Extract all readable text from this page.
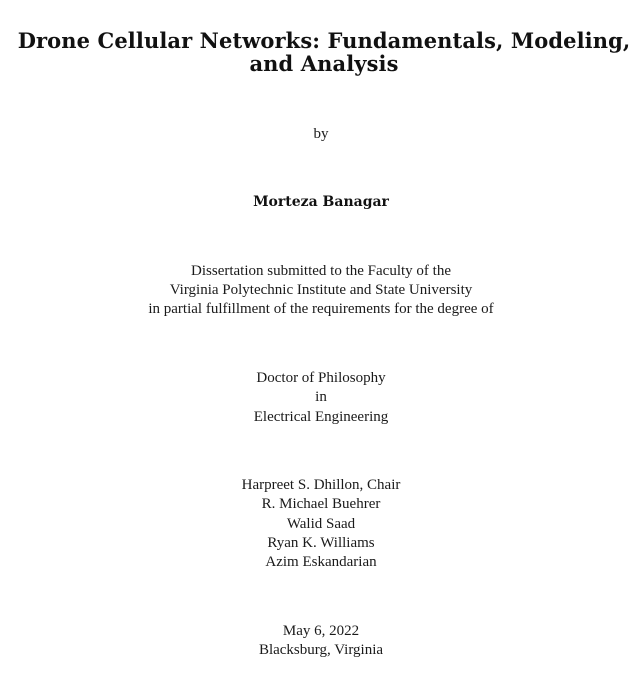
Drone Cellular Networks: Fundamentals, Modeling,
and Analysis
by
Morteza Banagar
Dissertation submitted to the Faculty of the
Virginia Polytechnic Institute and State University
in partial fulfillment of the requirements for the degree of
Doctor of Philosophy
in
Electrical Engineering
Harpreet S. Dhillon, Chair
R. Michael Buehrer
Walid Saad
Ryan K. Williams
Azim Eskandarian
May 6, 2022
Blacksburg, Virginia
